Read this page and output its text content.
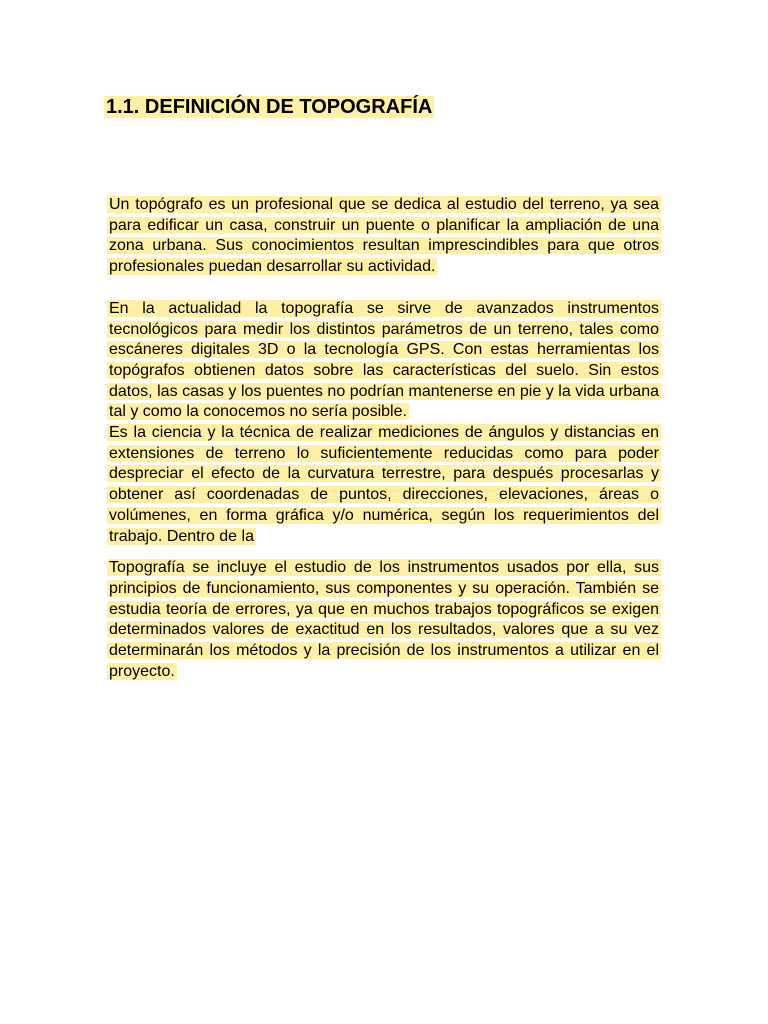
1.1. DEFINICIÓN DE TOPOGRAFÍA

Un topógrafo es un profesional que se dedica al estudio del terreno, ya sea para edificar un casa, construir un puente o planificar la ampliación de una zona urbana. Sus conocimientos resultan imprescindibles para que otros profesionales puedan desarrollar su actividad.

En la actualidad la topografía se sirve de avanzados instrumentos tecnológicos para medir los distintos parámetros de un terreno, tales como escáneres digitales 3D o la tecnología GPS. Con estas herramientas los topógrafos obtienen datos sobre las características del suelo. Sin estos datos, las casas y los puentes no podrían mantenerse en pie y la vida urbana tal y como la conocemos no sería posible.

Es la ciencia y la técnica de realizar mediciones de ángulos y distancias en extensiones de terreno lo suficientemente reducidas como para poder despreciar el efecto de la curvatura terrestre, para después procesarlas y obtener así coordenadas de puntos, direcciones, elevaciones, áreas o volúmenes, en forma gráfica y/o numérica, según los requerimientos del trabajo. Dentro de la

Topografía se incluye el estudio de los instrumentos usados por ella, sus principios de funcionamiento, sus componentes y su operación. También se estudia teoría de errores, ya que en muchos trabajos topográficos se exigen determinados valores de exactitud en los resultados, valores que a su vez determinarán los métodos y la precisión de los instrumentos a utilizar en el proyecto.
